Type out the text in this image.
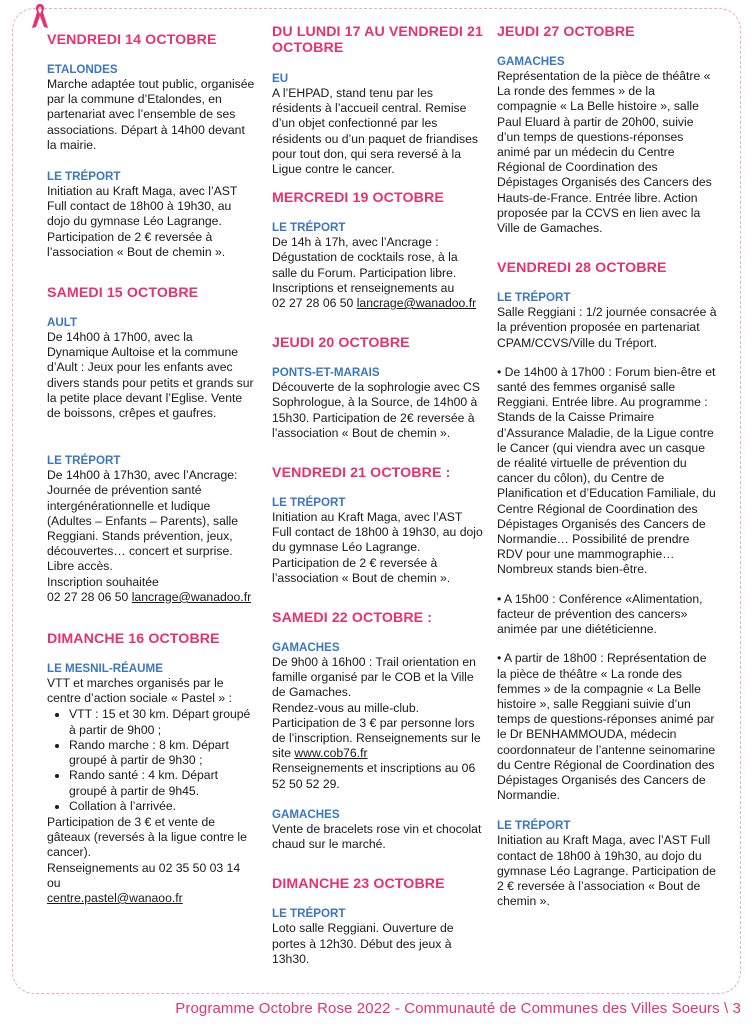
VENDREDI 14 OCTOBRE
ETALONDES

Marche adaptée tout public, organisée par la commune d’Etalondes, en partenariat avec l’ensemble de ses associations. Départ à 14h00 devant la mairie.

LE TRÉPORT

Initiation au Kraft Maga, avec l’AST Full contact de 18h00 à 19h30, au dojo du gymnase Léo Lagrange. Participation de 2 € reversée à l’association « Bout de chemin ».

SAMEDI 15 OCTOBRE
AULT

De 14h00 à 17h00, avec la Dynamique Aultoise et la commune d’Ault : Jeux pour les enfants avec divers stands pour petits et grands sur la petite place devant l’Eglise. Vente de boissons, crêpes et gaufres.

LE TRÉPORT

De 14h00 à 17h30, avec l’Ancrage: Journée de prévention santé intergénérationnelle et ludique (Adultes – Enfants – Parents), salle Reggiani. Stands prévention, jeux, découvertes… concert et surprise. Libre accès.

Inscription souhaitée

02 27 28 06 50 lancrage@wanadoo.fr

DIMANCHE 16 OCTOBRE
LE MESNIL-RÉAUME

VTT et marches organisés par le centre d’action sociale « Pastel » :

• VTT : 15 et 30 km. Départ groupé à partir de 9h00 ;
• Rando marche : 8 km. Départ groupé à partir de 9h30 ;
• Rando santé : 4 km. Départ groupé à partir de 9h45.
• Collation à l’arrivée.

Participation de 3 € et vente de gâteaux (reversés à la ligue contre le cancer).

Renseignements au 02 35 50 03 14 ou

centre.pastel@wanaoo.fr

DU LUNDI 17 AU VENDREDI 21 OCTOBRE
EU

A l’EHPAD, stand tenu par les résidents à l’accueil central. Remise d’un objet confectionné par les résidents ou d’un paquet de friandises pour tout don, qui sera reversé à la Ligue contre le cancer.

MERCREDI 19 OCTOBRE
LE TRÉPORT

De 14h à 17h, avec l’Ancrage : Dégustation de cocktails rose, à la salle du Forum. Participation libre. Inscriptions et renseignements au

02 27 28 06 50 lancrage@wanadoo.fr

JEUDI 20 OCTOBRE
PONTS-ET-MARAIS

Découverte de la sophrologie avec CS Sophrologue, à la Source, de 14h00 à 15h30. Participation de 2€ reversée à l’association « Bout de chemin ».

VENDREDI 21 OCTOBRE :
LE TRÉPORT

Initiation au Kraft Maga, avec l’AST Full contact de 18h00 à 19h30, au dojo du gymnase Léo Lagrange. Participation de 2 € reversée à l’association « Bout de chemin ».

SAMEDI 22 OCTOBRE :
GAMACHES

De 9h00 à 16h00 : Trail orientation en famille organisé par le COB et la Ville de Gamaches.

Rendez-vous au mille-club.

Participation de 3 € par personne lors de l’inscription. Renseignements sur le site www.cob76.fr

Renseignements et inscriptions au 06 52 50 52 29.

GAMACHES

Vente de bracelets rose vin et chocolat chaud sur le marché.

DIMANCHE 23 OCTOBRE
LE TRÉPORT

Loto salle Reggiani. Ouverture de portes à 12h30. Début des jeux à 13h30.

JEUDI 27 OCTOBRE
GAMACHES

Représentation de la pièce de théâtre « La ronde des femmes » de la compagnie « La Belle histoire », salle Paul Eluard à partir de 20h00, suivie d’un temps de questions-réponses animé par un médecin du Centre Régional de Coordination des Dépistages Organisés des Cancers des Hauts-de-France. Entrée libre. Action proposée par la CCVS en lien avec la Ville de Gamaches.

VENDREDI 28 OCTOBRE
LE TRÉPORT

Salle Reggiani : 1/2 journée consacrée à la prévention proposée en partenariat CPAM/CCVS/Ville du Tréport.

• De 14h00 à 17h00 : Forum bien-être et santé des femmes organisé salle Reggiani. Entrée libre. Au programme : Stands de la Caisse Primaire d’Assurance Maladie, de la Ligue contre le Cancer (qui viendra avec un casque de réalité virtuelle de prévention du cancer du côlon), du Centre de Planification et d’Education Familiale, du Centre Régional de Coordination des Dépistages Organisés des Cancers de Normandie… Possibilité de prendre RDV pour une mammographie… Nombreux stands bien-être.

• A 15h00 : Conférence «Alimentation, facteur de prévention des cancers» animée par une diététicienne.

• A partir de 18h00 : Représentation de la pièce de théâtre « La ronde des femmes » de la compagnie « La Belle histoire », salle Reggiani suivie d’un temps de questions-réponses animé par le Dr BENHAMMOUDA, médecin coordonnateur de l’antenne seinomarine du Centre Régional de Coordination des Dépistages Organisés des Cancers de Normandie.

LE TRÉPORT

Initiation au Kraft Maga, avec l’AST Full contact de 18h00 à 19h30, au dojo du gymnase Léo Lagrange. Participation de 2 € reversée à l’association « Bout de chemin ».

Programme Octobre Rose 2022 - Communauté de Communes des Villes Soeurs \ 3
